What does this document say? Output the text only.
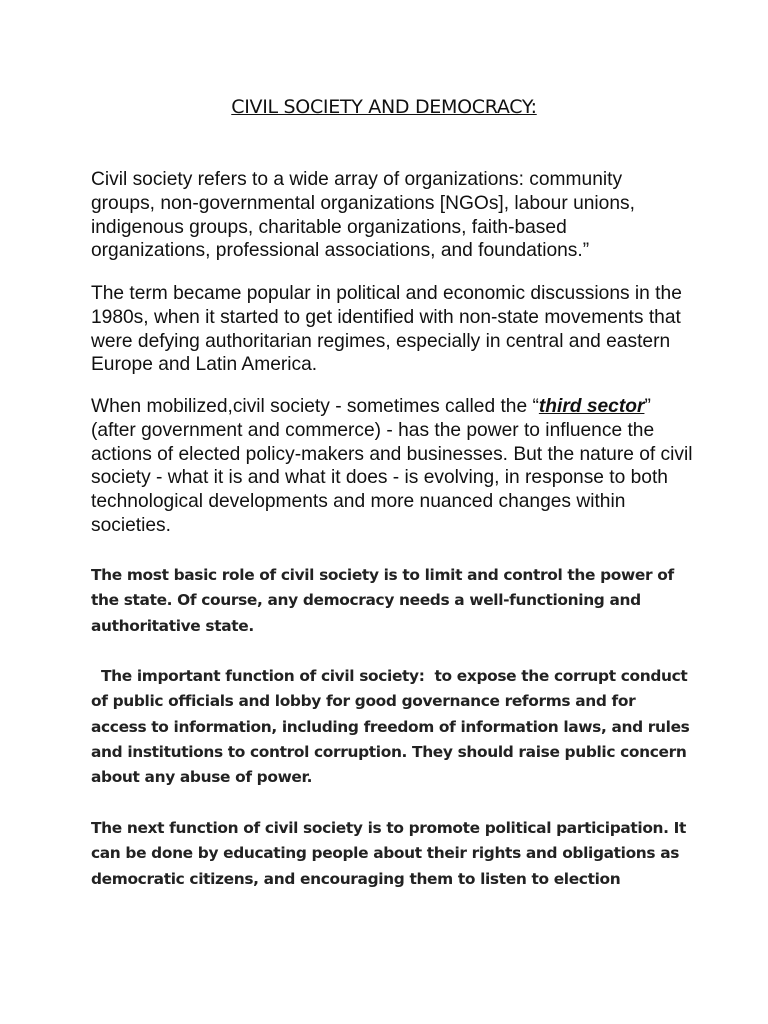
CIVIL SOCIETY AND DEMOCRACY:

Civil society refers to a wide array of organizations: community groups, non-governmental organizations [NGOs], labour unions, indigenous groups, charitable organizations, faith-based organizations, professional associations, and foundations.”

The term became popular in political and economic discussions in the 1980s, when it started to get identified with non-state movements that were defying authoritarian regimes, especially in central and eastern Europe and Latin America.

When mobilized,civil society - sometimes called the “third sector” (after government and commerce) - has the power to influence the actions of elected policy-makers and businesses. But the nature of civil society - what it is and what it does - is evolving, in response to both technological developments and more nuanced changes within societies.

The most basic role of civil society is to limit and control the power of the state. Of course, any democracy needs a well-functioning and authoritative state.

The important function of civil society:  to expose the corrupt conduct of public officials and lobby for good governance reforms and for access to information, including freedom of information laws, and rules and institutions to control corruption. They should raise public concern about any abuse of power.

The next function of civil society is to promote political participation. It can be done by educating people about their rights and obligations as democratic citizens, and encouraging them to listen to election
